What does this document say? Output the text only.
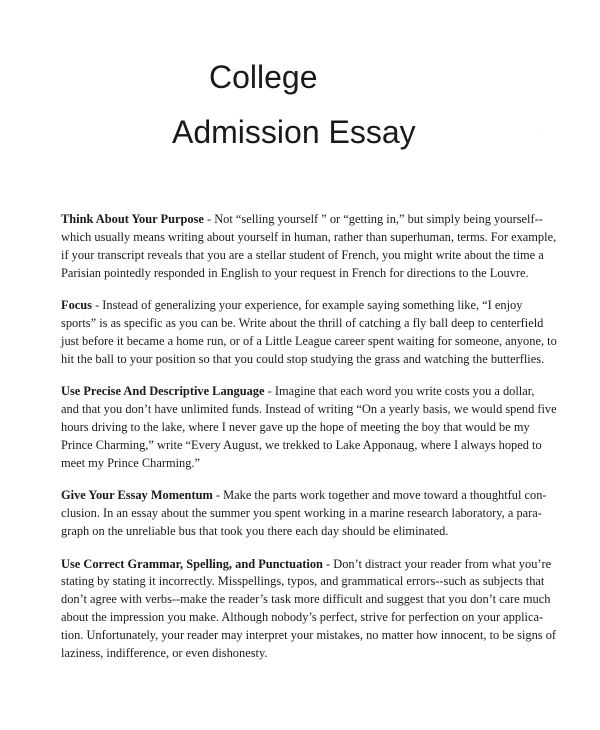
College
Admission Essay	·

Think About Your Purpose - Not “selling yourself ” or “getting in,” but simply being yourself--
which usually means writing about yourself in human, rather than superhuman, terms. For example,
if your transcript reveals that you are a stellar student of French, you might write about the time a
Parisian pointedly responded in English to your request in French for directions to the Louvre.

Focus - Instead of generalizing your experience, for example saying something like, “I enjoy
sports” is as specific as you can be. Write about the thrill of catching a fly ball deep to centerfield
just before it became a home run, or of a Little League career spent waiting for someone, anyone, to
hit the ball to your position so that you could stop studying the grass and watching the butterflies.

Use Precise And Descriptive Language - Imagine that each word you write costs you a dollar,
and that you don’t have unlimited funds. Instead of writing “On a yearly basis, we would spend five
hours driving to the lake, where I never gave up the hope of meeting the boy that would be my
Prince Charming,” write “Every August, we trekked to Lake Apponaug, where I always hoped to
meet my Prince Charming.”

Give Your Essay Momentum - Make the parts work together and move toward a thoughtful con-
clusion. In an essay about the summer you spent working in a marine research laboratory, a para-
graph on the unreliable bus that took you there each day should be eliminated.

Use Correct Grammar, Spelling, and Punctuation - Don’t distract your reader from what you’re
stating by stating it incorrectly. Misspellings, typos, and grammatical errors--such as subjects that
don’t agree with verbs--make the reader’s task more difficult and suggest that you don’t care much
about the impression you make. Although nobody’s perfect, strive for perfection on your applica-
tion. Unfortunately, your reader may interpret your mistakes, no matter how innocent, to be signs of
laziness, indifference, or even dishonesty.
